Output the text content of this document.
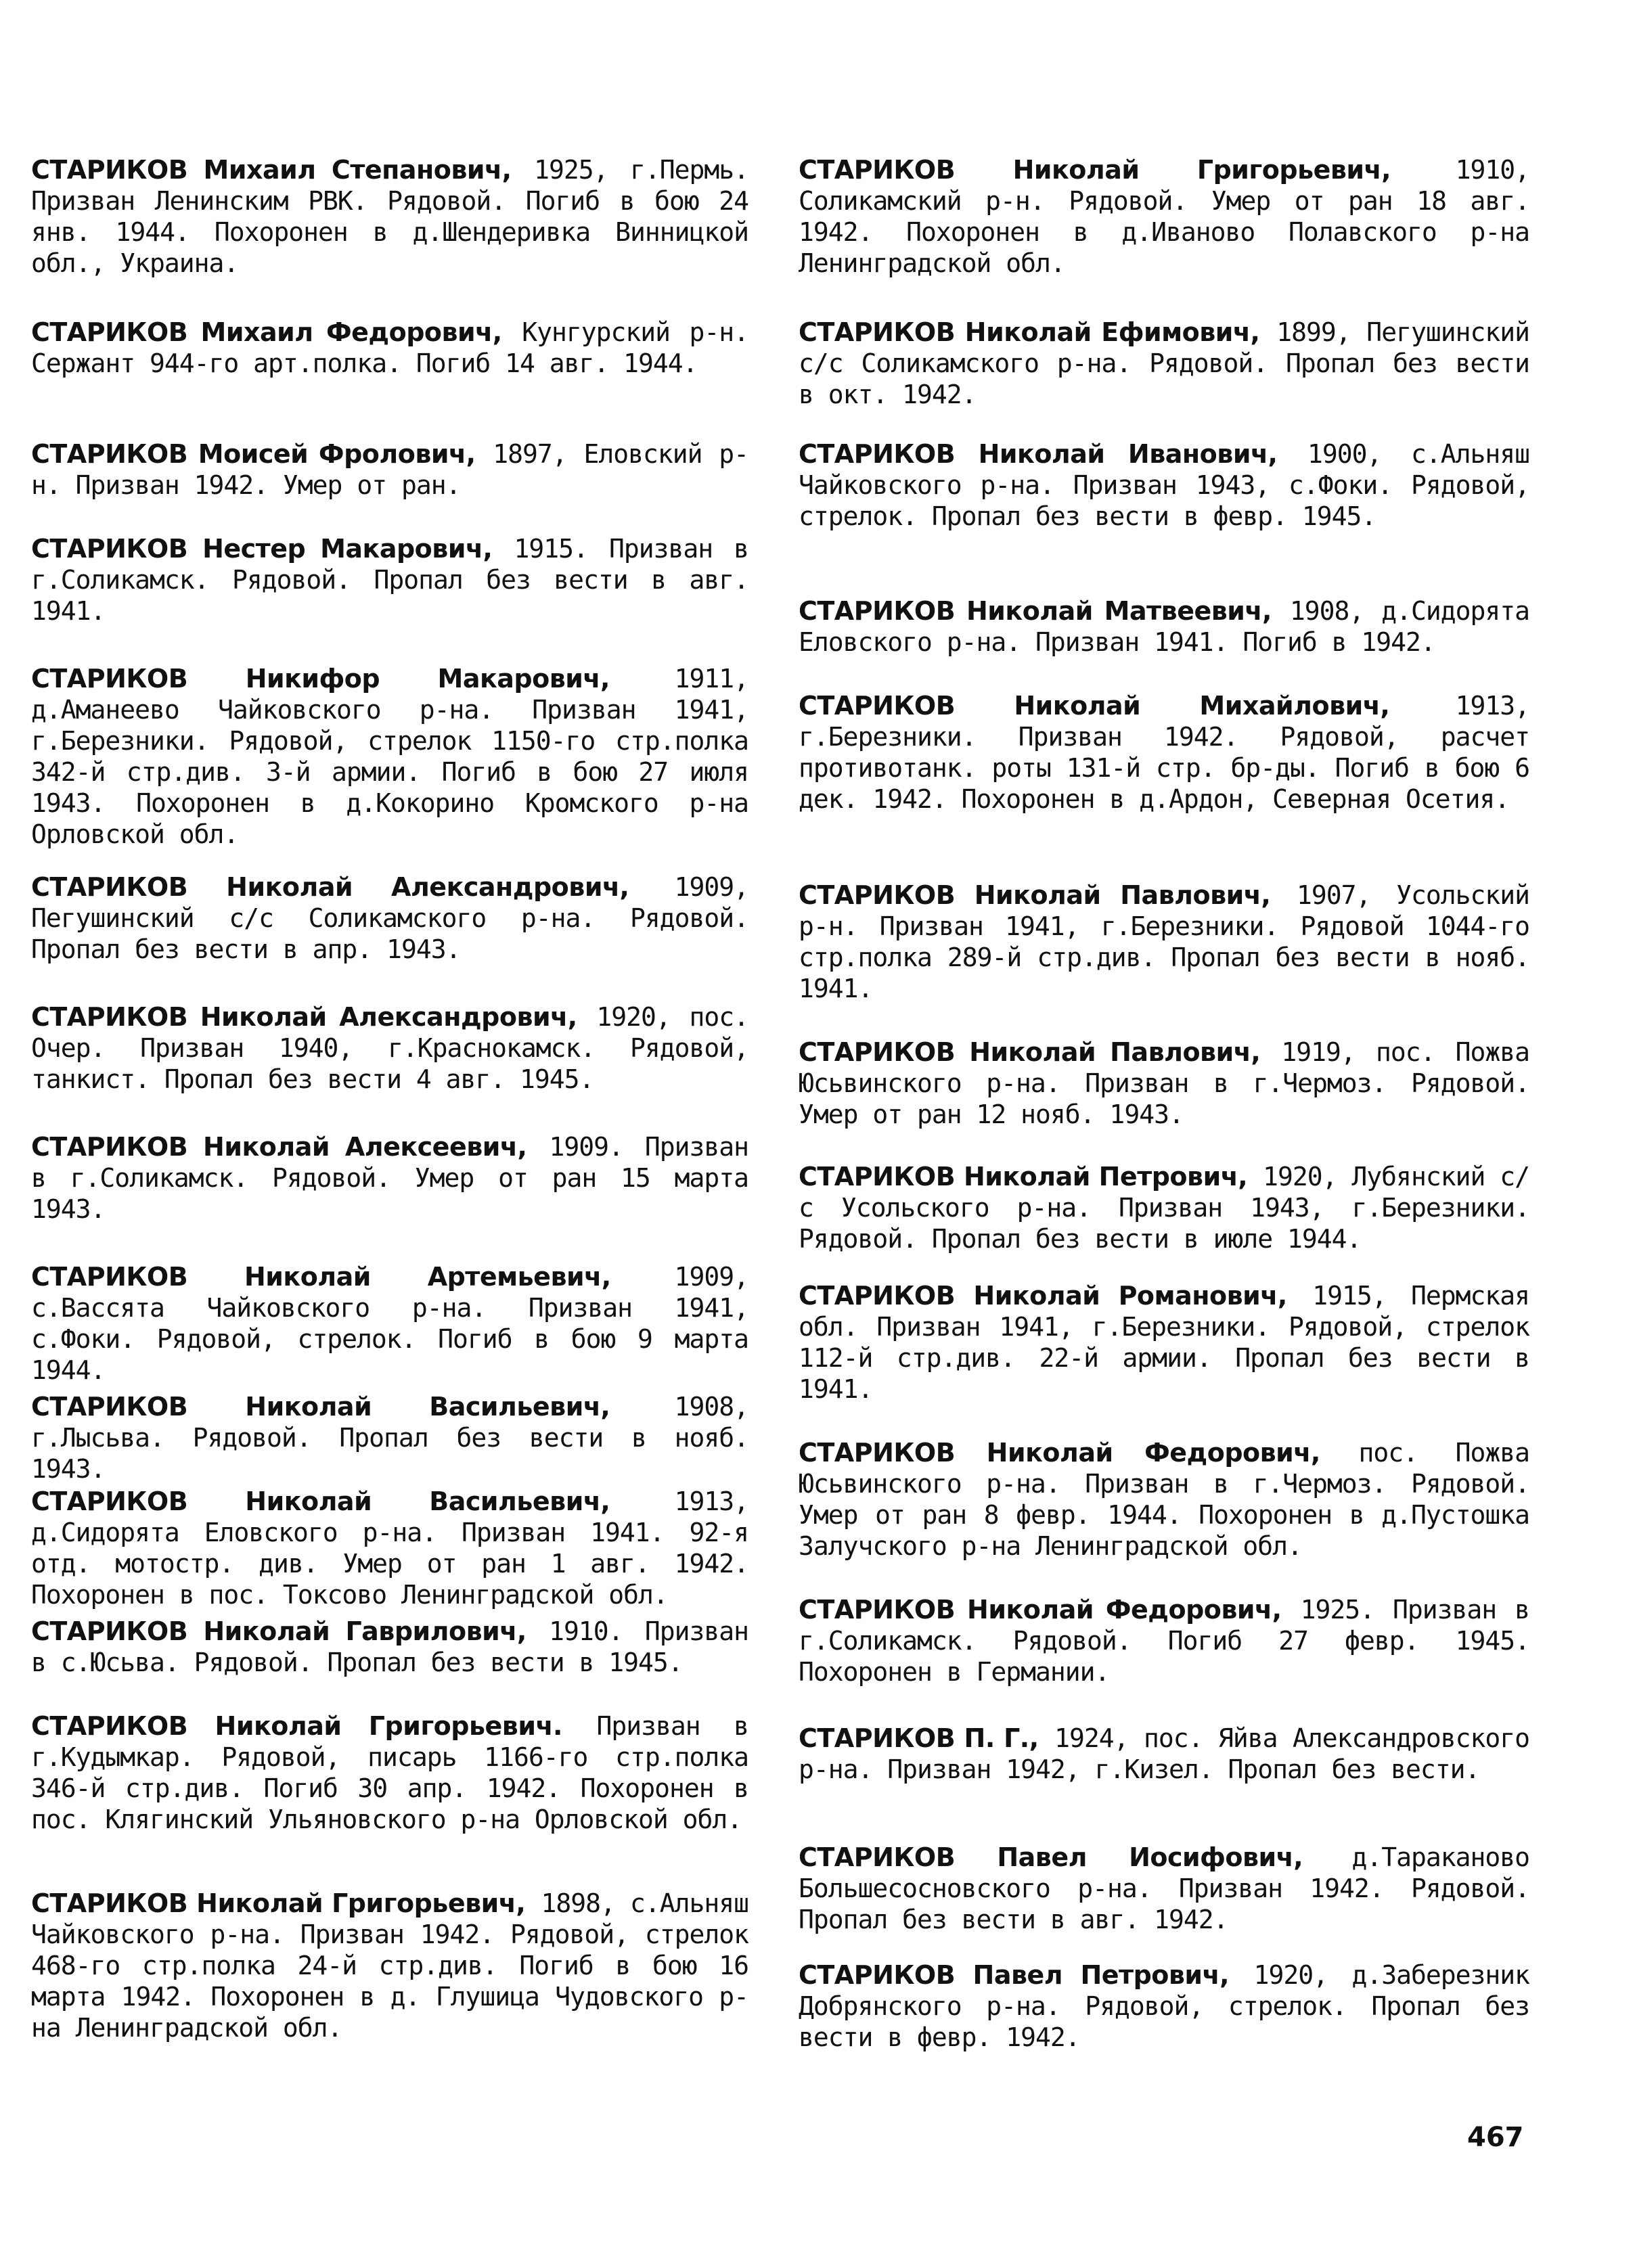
СТАРИКОВ Михаил Степанович, 1925, г.Пермь. Призван Ленинским РВК. Рядовой. Погиб в бою 24 янв. 1944. Похоронен в д.Шендеривка Винницкой обл., Украина.

СТАРИКОВ Михаил Федорович, Кунгурский р-н. Сержант 944-го арт.полка. Погиб 14 авг. 1944.

СТАРИКОВ Моисей Фролович, 1897, Еловский р-н. Призван 1942. Умер от ран.

СТАРИКОВ Нестер Макарович, 1915. Призван в г.Соликамск. Рядовой. Пропал без вести в авг. 1941.

СТАРИКОВ Никифор Макарович,	1911, д.Аманеево Чайковского р-на. Призван 1941, г.Березники. Рядовой, стрелок 1150-го стр.полка 342-й стр.див. 3-й армии. Погиб в бою 27 июля 1943. Похоронен в д.Кокорино Кромского р-на Орловской обл.

СТАРИКОВ Николай Александрович, 1909, Пегушинский с/с Соликамского р-на. Рядовой. Пропал без вести в апр. 1943.

СТАРИКОВ Николай Александрович, 1920, пос. Очер. Призван 1940, г.Краснокамск. Рядовой, танкист. Пропал без вести 4 авг. 1945.

СТАРИКОВ Николай Алексеевич, 1909. Призван в г.Соликамск. Рядовой. Умер от ран 15 марта 1943.

СТАРИКОВ Николай Артемьевич, 1909, с.Вассята Чайковского р-на. Призван 1941, с.Фоки. Рядовой, стрелок. Погиб в бою 9 марта 1944.

СТАРИКОВ Николай Васильевич,	1908, г.Лысьва. Рядовой. Пропал без вести в нояб. 1943.

СТАРИКОВ Николай Васильевич,	1913, д.Сидорята Еловского р-на. Призван 1941. 92-я отд. мотостр. див. Умер от ран 1 авг. 1942. Похоронен в пос. Токсово Ленинградской обл.

СТАРИКОВ Николай Гаврилович, 1910. Призван в с.Юсьва. Рядовой. Пропал без вести в 1945.

СТАРИКОВ Николай Григорьевич. Призван в г.Кудымкар. Рядовой, писарь 1166-го стр.полка 346-й стр.див. Погиб 30 апр. 1942. Похоронен в пос. Клягинский Ульяновского р-на Орловской обл.

СТАРИКОВ Николай Григорьевич, 1898, с.Альняш Чайковского р-на. Призван 1942. Рядовой, стрелок 468-го стр.полка 24-й стр.див. Погиб в бою 16 марта 1942. Похоронен в д. Глушица Чудовского р-на Ленинградской обл.

СТАРИКОВ Николай Григорьевич,	1910, Соликамский р-н. Рядовой. Умер от ран 18 авг. 1942. Похоронен в д.Иваново Полавского р-на Ленинградской обл.

СТАРИКОВ Николай Ефимович, 1899, Пегушинский с/с Соликамского р-на. Рядовой. Пропал без вести в окт. 1942.

СТАРИКОВ Николай Иванович, 1900, с.Альняш Чайковского р-на. Призван 1943, с.Фоки. Рядовой, стрелок. Пропал без вести в февр. 1945.

СТАРИКОВ Николай Матвеевич, 1908, д.Сидорята Еловского р-на. Призван 1941. Погиб в 1942.

СТАРИКОВ Николай Михайлович,	1913, г.Березники. Призван 1942. Рядовой, расчет противотанк. роты 131-й стр. бр-ды. Погиб в бою 6 дек. 1942. Похоронен в д.Ардон, Северная Осетия.

СТАРИКОВ Николай Павлович, 1907, Усольский р-н. Призван 1941, г.Березники. Рядовой 1044-го стр.полка 289-й стр.див. Пропал без вести в нояб. 1941.

СТАРИКОВ Николай Павлович, 1919, пос. Пожва Юсьвинского р-на. Призван в г.Чермоз. Рядовой. Умер от ран 12 нояб. 1943.

СТАРИКОВ Николай Петрович, 1920, Лубянский с/с Усольского р-на. Призван 1943, г.Березники. Рядовой. Пропал без вести в июле 1944.

СТАРИКОВ Николай Романович, 1915, Пермская обл. Призван 1941, г.Березники. Рядовой, стрелок 112-й стр.див. 22-й армии. Пропал без вести в 1941.

СТАРИКОВ Николай Федорович, пос. Пожва Юсьвинского р-на. Призван в г.Чермоз. Рядовой. Умер от ран 8 февр. 1944. Похоронен в д.Пустошка Залучского р-на Ленинградской обл.

СТАРИКОВ Николай Федорович, 1925. Призван в г.Соликамск. Рядовой. Погиб 27 февр. 1945. Похоронен в Германии.

СТАРИКОВ П. Г., 1924, пос. Яйва Александровского р-на. Призван 1942, г.Кизел. Пропал без вести.

СТАРИКОВ Павел Иосифович, д.Тараканово Большесосновского р-на. Призван 1942. Рядовой. Пропал без вести в авг. 1942.

СТАРИКОВ Павел Петрович, 1920, д.Заберезник Добрянского р-на. Рядовой, стрелок. Пропал без вести в февр. 1942.

467
